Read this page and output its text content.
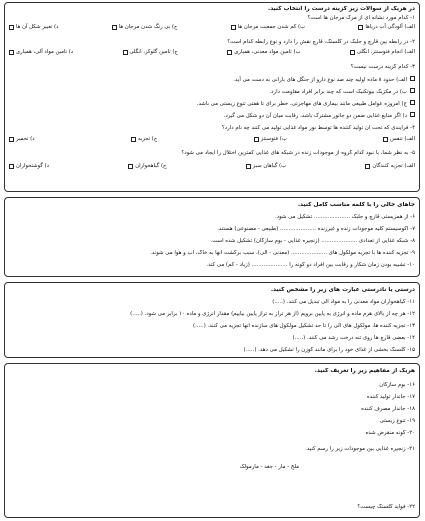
در هریک از سوالات زیر گزینه درست را انتخاب کنید.
۱- کدام مورد نشانه ای از مرگ مرجان ها است؟
الف) آلودگی آب دریاها
ب) کم شدن جمعیت مرجان ها
ج) بی رنگ شدن مرجان ها
د) تغییر شکل آن ها
۲- در رابطه بین قارچ و جلبک در گلسنگ، قارچ نقش را دارد و نوع رابطه کدام است؟
الف) انجام فتوسنتز، انگلی
ب) تامین مواد معدنی، همیاری
ج) تامین گلوکز، انگلی
د) تامین مواد آلی، همیاری
۳- کدام گزینه درست نیست؟
الف) حدود ۸ ماده اولیه چند صد نوع دارو از جنگل های بارانی به دست می آید.
ب) در مکزیک بیوتکنیک است که چند برابر افراد مقاومت دارد.
ج) امروزه عوامل طبیعی مانند بیماری های مهاجرتی، خطر برای تا هفتی تنوع زیستی می باشد.
د) اگر منابع غذایی ضمن دو جانور مشترک باشد، رقابت میان آن دو شکل می گیرد.
۴- فرایندی که تحت آن تولید کننده ها توسط نور مواد غذایی تولید می کنند چه نام دارد؟
الف) تنفس
ب) فتوسنتز
ج) تجزیه
د) تخمیر
۵- به نظر شما، با نبود کدام گروه از موجودات زنده در شبکه های غذایی کمترین اختلال را ایجاد می شود؟
الف) تجزیه کنندگان
ب) گیاهان سبز
ج) گیاهخواران
د) گوشتخواران
جاهای خالی را با کلمه مناسب کامل کنید.
۶- از همزیستی قارچ و جلبک ..................... تشکیل می شود.
۷- اکوسیستم کلیه موجودات زنده و غیرزنده ..................... (طبیعی - مصنوعی) هستند.
۸- شبکه غذایی از تعدادی ..................... (زنجیره غذایی - بوم سازگان) تشکیل شده است.
۹- تجزیه کننده ها با تجزیه مولکول های ..................... (معدنی - آلی)، سبب برگشت آنها به خاک، آب و هوا می شوند.
۱۰- تشبیه بودن زمان شکار و رقابت بین افراد دو گونه را ..................... (زیاد - کم) می کند.
درستی یا نادرستی عبارت های زیر را مشخص کنید.
۱۱- گیاهخواران مواد معدنی را به مواد آلی تبدیل می کنند. (.....)
۱۲- هر چه از بالای هرم ماده و انرژی به پایین برویم (از هر تراز به تراز پایین بیاییم) مقدار انرژی و ماده ۱۰ برابر می شود. (.....)
۱۳- تجزیه کننده ها، مولکول های آلی را تا حد تشکیل مولکول های سازنده آنها تجزیه می کنند. (.....)
۱۴- بعضی قارچ ها روی تنه درخت رشد می کنند. (.....)
۱۵- گلسنگ بخشی از غذای خود را برای مانند گوزن را تشکیل می دهد. (.....)
هریک از مفاهیم زیر را تعریف کنید.
۱۶- بوم سازگان
۱۷- جاندار تولید کننده
۱۸- جاندار مصرف کننده
۱۹- تنوع زیستی
۲۰- گونه منقرض شده
۲۱- زنجیره غذایی بین موجودات زیر را رسم کنید.
ملخ - مار - جغد - مارمولک
۲۲- فواید گلسنگ چیست؟
